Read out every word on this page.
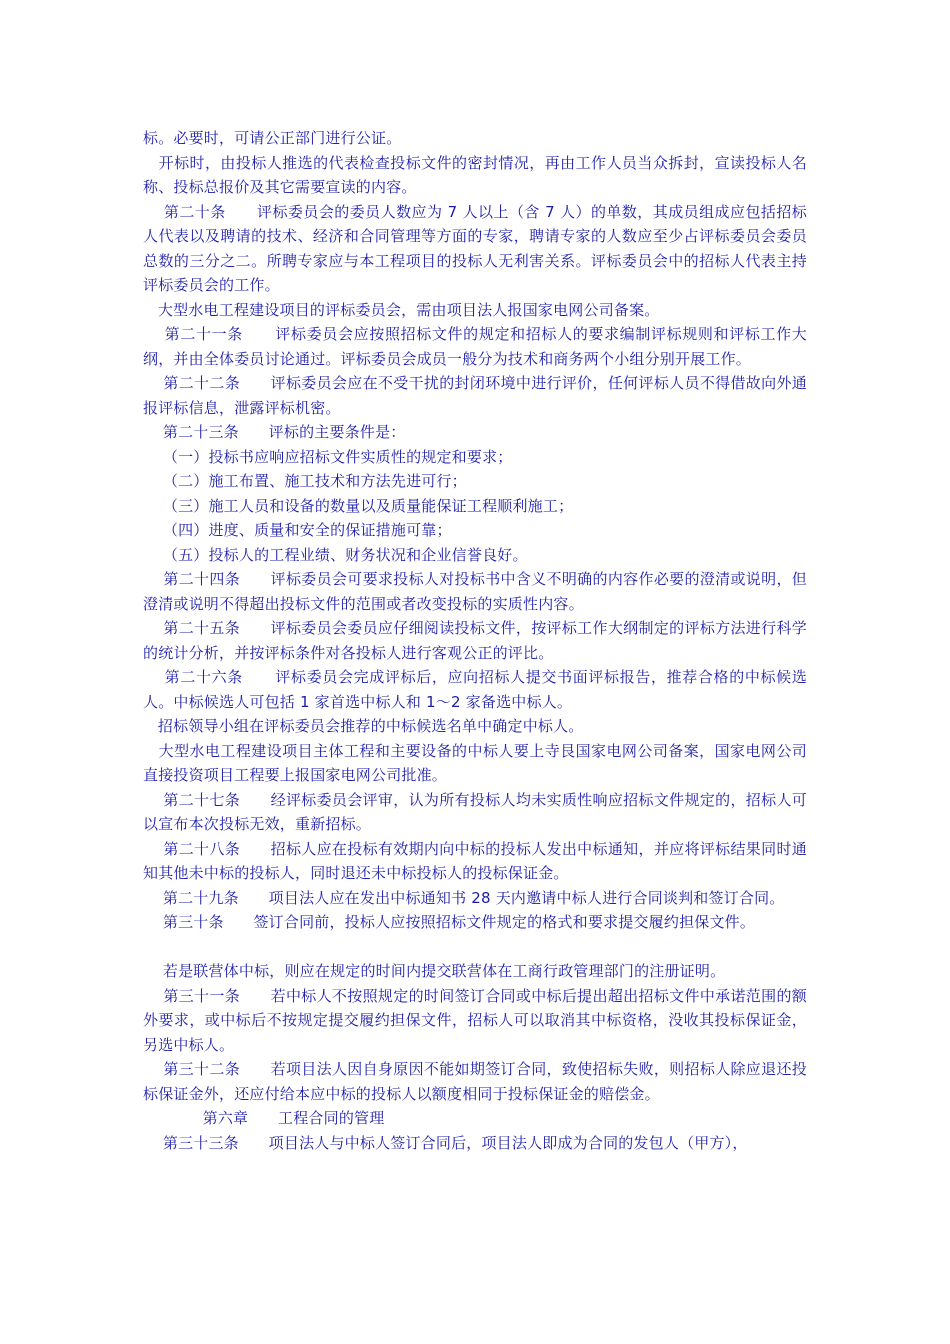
标。必要时，可请公正部门进行公证。

开标时，由投标人推选的代表检查投标文件的密封情况，再由工作人员当众拆封，宣读投标人名称、投标总报价及其它需要宣读的内容。

第二十条      评标委员会的委员人数应为 7 人以上（含 7 人）的单数，其成员组成应包括招标人代表以及聘请的技术、经济和合同管理等方面的专家，聘请专家的人数应至少占评标委员会委员总数的三分之二。所聘专家应与本工程项目的投标人无利害关系。评标委员会中的招标人代表主持评标委员会的工作。

大型水电工程建设项目的评标委员会，需由项目法人报国家电网公司备案。

第二十一条      评标委员会应按照招标文件的规定和招标人的要求编制评标规则和评标工作大纲，并由全体委员讨论通过。评标委员会成员一般分为技术和商务两个小组分别开展工作。

第二十二条      评标委员会应在不受干扰的封闭环境中进行评价，任何评标人员不得借故向外通报评标信息，泄露评标机密。

第二十三条      评标的主要条件是：

（一）投标书应响应招标文件实质性的规定和要求；

（二）施工布置、施工技术和方法先进可行；

（三）施工人员和设备的数量以及质量能保证工程顺利施工；

（四）进度、质量和安全的保证措施可靠；

（五）投标人的工程业绩、财务状况和企业信誉良好。

第二十四条      评标委员会可要求投标人对投标书中含义不明确的内容作必要的澄清或说明，但澄清或说明不得超出投标文件的范围或者改变投标的实质性内容。

第二十五条      评标委员会委员应仔细阅读投标文件，按评标工作大纲制定的评标方法进行科学的统计分析，并按评标条件对各投标人进行客观公正的评比。

第二十六条      评标委员会完成评标后，应向招标人提交书面评标报告，推荐合格的中标候选人。中标候选人可包括 1 家首选中标人和 1～2 家备选中标人。

招标领导小组在评标委员会推荐的中标候选名单中确定中标人。

大型水电工程建设项目主体工程和主要设备的中标人要上寺艮国家电网公司备案，国家电网公司直接投资项目工程要上报国家电网公司批准。

第二十七条      经评标委员会评审，认为所有投标人均未实质性响应招标文件规定的，招标人可以宣布本次投标无效，重新招标。

第二十八条      招标人应在投标有效期内向中标的投标人发出中标通知，并应将评标结果同时通知其他未中标的投标人，同时退还未中标投标人的投标保证金。

第二十九条      项目法人应在发出中标通知书 28 天内邀请中标人进行合同谈判和签订合同。

第三十条      签订合同前，投标人应按照招标文件规定的格式和要求提交履约担保文件。

若是联营体中标，则应在规定的时间内提交联营体在工商行政管理部门的注册证明。

第三十一条      若中标人不按照规定的时间签订合同或中标后提出超出招标文件中承诺范围的额外要求，或中标后不按规定提交履约担保文件，招标人可以取消其中标资格，没收其投标保证金，另选中标人。

第三十二条      若项目法人因自身原因不能如期签订合同，致使招标失败，则招标人除应退还投标保证金外，还应付给本应中标的投标人以额度相同于投标保证金的赔偿金。

第六章      工程合同的管理

第三十三条      项目法人与中标人签订合同后，项目法人即成为合同的发包人（甲方），
